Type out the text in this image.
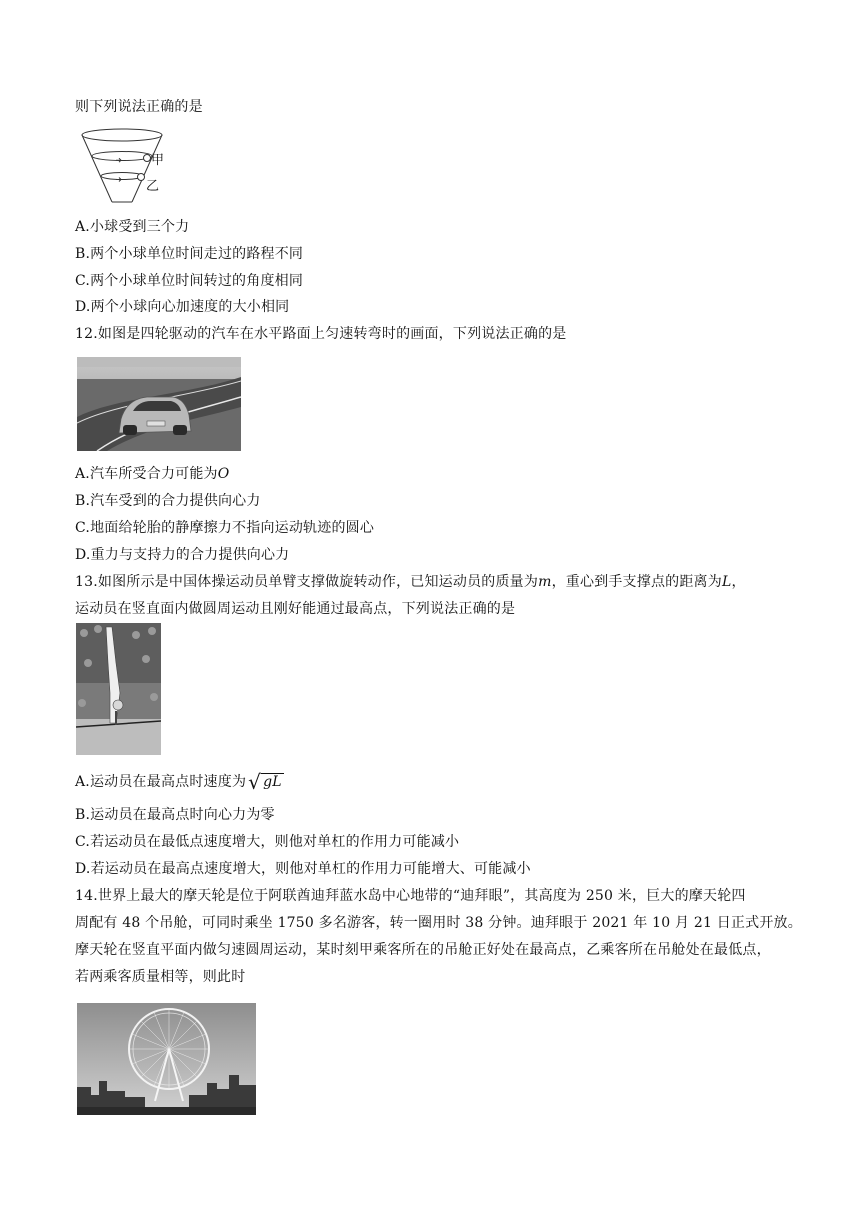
则下列说法正确的是
甲
乙
A.小球受到三个力
B.两个小球单位时间走过的路程不同
C.两个小球单位时间转过的角度相同
D.两个小球向心加速度的大小相同
12.如图是四轮驱动的汽车在水平路面上匀速转弯时的画面，下列说法正确的是
A.汽车所受合力可能为O
B.汽车受到的合力提供向心力
C.地面给轮胎的静摩擦力不指向运动轨迹的圆心
D.重力与支持力的合力提供向心力
13.如图所示是中国体操运动员单臂支撑做旋转动作，已知运动员的质量为m，重心到手支撑点的距离为L，
运动员在竖直面内做圆周运动且刚好能通过最高点，下列说法正确的是
A.运动员在最高点时速度为 √ gL
B.运动员在最高点时向心力为零
C.若运动员在最低点速度增大，则他对单杠的作用力可能减小
D.若运动员在最高点速度增大，则他对单杠的作用力可能增大、可能减小
14.世界上最大的摩天轮是位于阿联酋迪拜蓝水岛中心地带的“迪拜眼”，其高度为 250 米，巨大的摩天轮四
周配有 48 个吊舱，可同时乘坐 1750 多名游客，转一圈用时 38 分钟。迪拜眼于 2021 年 10 月 21 日正式开放。
摩天轮在竖直平面内做匀速圆周运动，某时刻甲乘客所在的吊舱正好处在最高点，乙乘客所在吊舱处在最低点，
若两乘客质量相等，则此时
